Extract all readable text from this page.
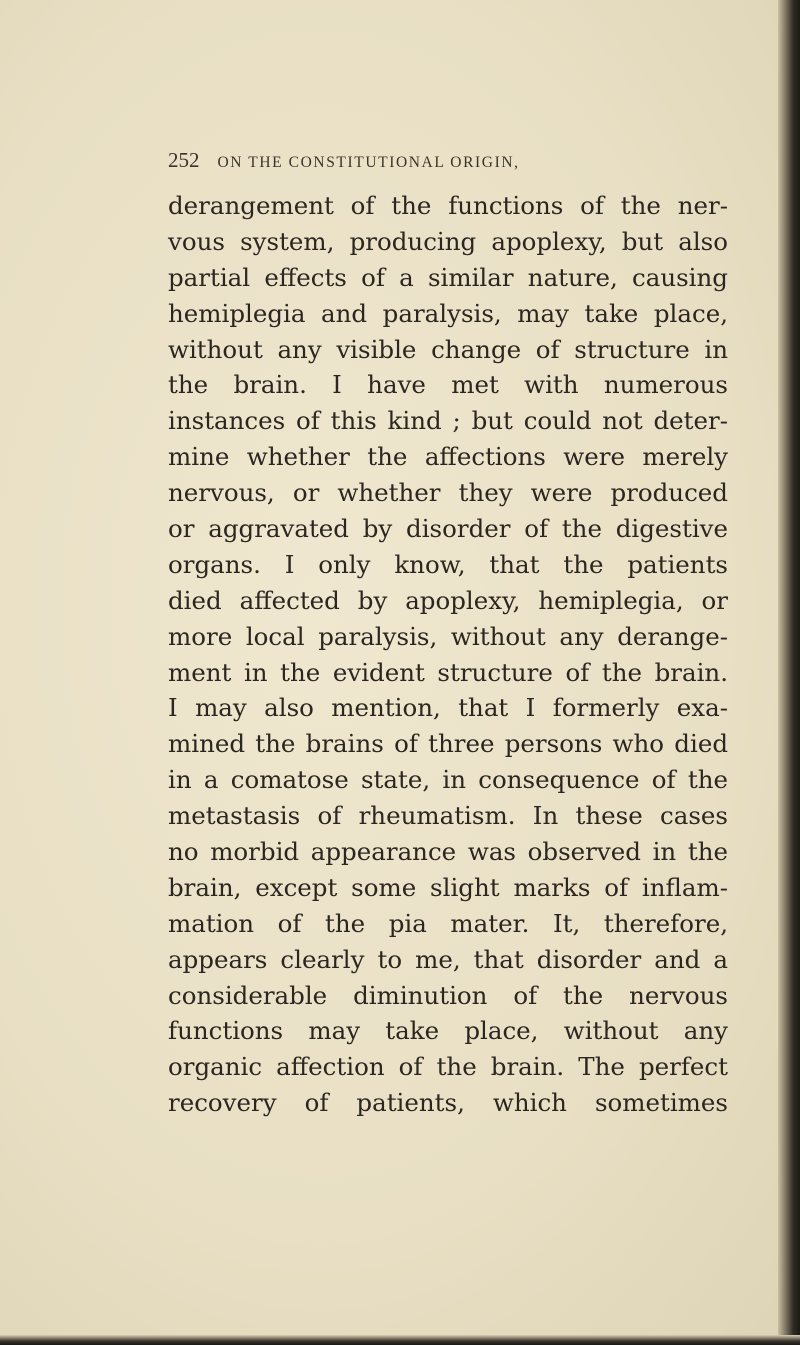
252 ON THE CONSTITUTIONAL ORIGIN,
derangement of the functions of the ner-
vous system, producing apoplexy, but also
partial effects of a similar nature, causing
hemiplegia and paralysis, may take place,
without any visible change of structure in
the brain. I have met with numerous
instances of this kind ; but could not deter-
mine whether the affections were merely
nervous, or whether they were produced
or aggravated by disorder of the digestive
organs. I only know, that the patients
died affected by apoplexy, hemiplegia, or
more local paralysis, without any derange-
ment in the evident structure of the brain.
I may also mention, that I formerly exa-
mined the brains of three persons who died
in a comatose state, in consequence of the
metastasis of rheumatism. In these cases
no morbid appearance was observed in the
brain, except some slight marks of inflam-
mation of the pia mater. It, therefore,
appears clearly to me, that disorder and a
considerable diminution of the nervous
functions may take place, without any
organic affection of the brain. The perfect
recovery of patients, which sometimes
